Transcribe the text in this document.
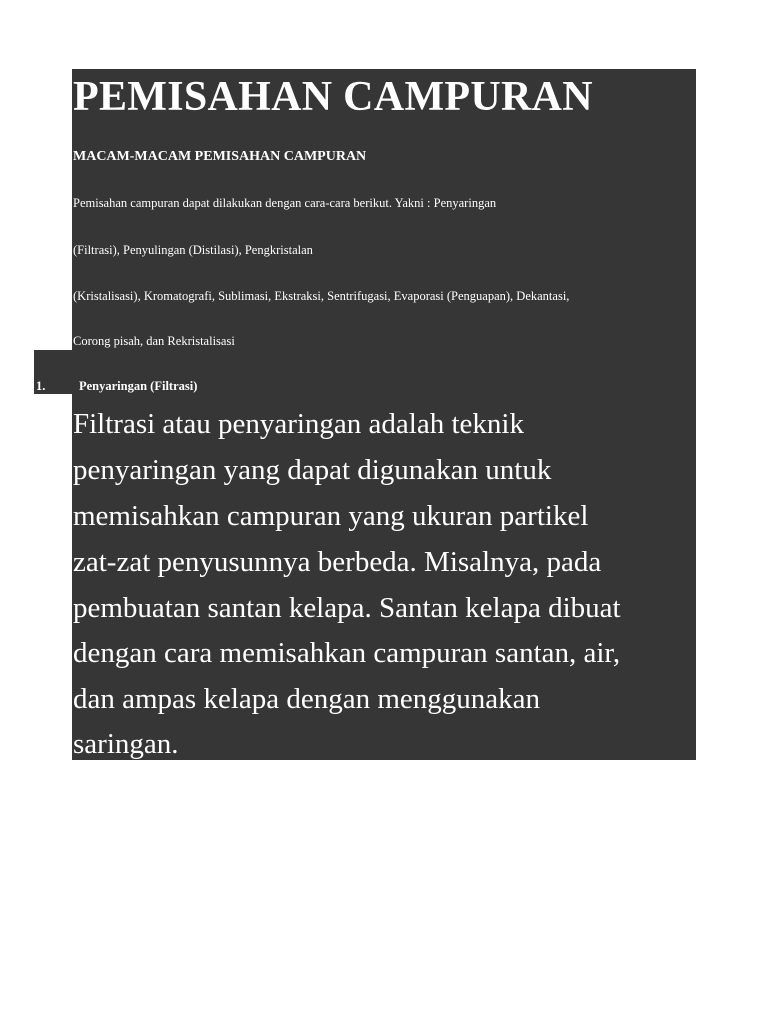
PEMISAHAN CAMPURAN
MACAM-MACAM PEMISAHAN CAMPURAN
Pemisahan campuran dapat dilakukan dengan cara-cara berikut. Yakni : Penyaringan
(Filtrasi), Penyulingan (Distilasi), Pengkristalan
(Kristalisasi), Kromatografi, Sublimasi, Ekstraksi, Sentrifugasi, Evaporasi (Penguapan), Dekantasi,
Corong pisah, dan Rekristalisasi
1.	Penyaringan (Filtrasi)
Filtrasi atau penyaringan adalah teknik
penyaringan yang dapat digunakan untuk
memisahkan campuran yang ukuran partikel
zat-zat penyusunnya berbeda. Misalnya, pada
pembuatan santan kelapa. Santan kelapa dibuat
dengan cara memisahkan campuran santan, air,
dan ampas kelapa dengan menggunakan
saringan.
